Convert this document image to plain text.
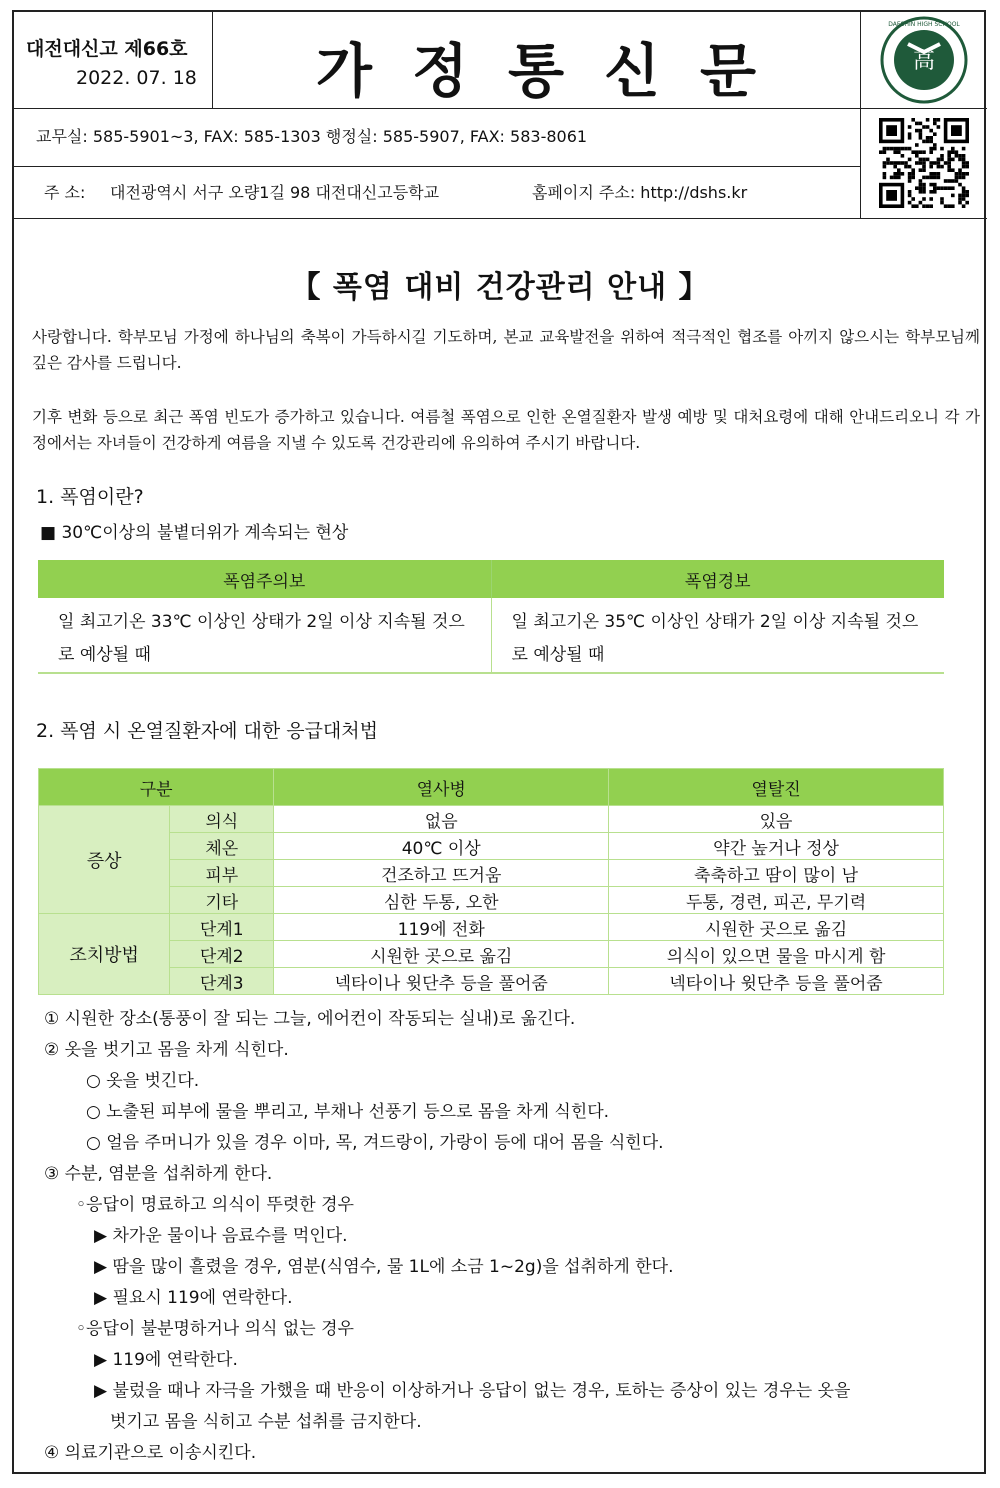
대전대신고 제66호
2022. 07. 18	가정통신문	高
DAESHIN HIGH SCHOOL
교무실: 585-5901~3, FAX: 585-1303 행정실: 585-5907, FAX: 583-8061
주 소: 대전광역시 서구 오량1길 98 대전대신고등학교	홈페이지 주소: http://dshs.kr
【 폭염 대비 건강관리 안내 】
사랑합니다. 학부모님 가정에 하나님의 축복이 가득하시길 기도하며, 본교 교육발전을 위하여 적극적인 협조를 아끼지 않으시는 학부모님께 깊은 감사를 드립니다.
기후 변화 등으로 최근 폭염 빈도가 증가하고 있습니다. 여름철 폭염으로 인한 온열질환자 발생 예방 및 대처요령에 대해 안내드리오니 각 가정에서는 자녀들이 건강하게 여름을 지낼 수 있도록 건강관리에 유의하여 주시기 바랍니다.
1. 폭염이란?
■ 30℃이상의 불볕더위가 계속되는 현상
폭염주의보	폭염경보
일 최고기온 33℃ 이상인 상태가 2일 이상 지속될 것으로 예상될 때	일 최고기온 35℃ 이상인 상태가 2일 이상 지속될 것으로 예상될 때
2. 폭염 시 온열질환자에 대한 응급대처법
구분		열사병	열탈진
증상	의식	없음	있음
	체온	40℃ 이상	약간 높거나 정상
	피부	건조하고 뜨거움	축축하고 땀이 많이 남
	기타	심한 두통, 오한	두통, 경련, 피곤, 무기력
조치방법	단계1	119에 전화	시원한 곳으로 옮김
	단계2	시원한 곳으로 옮김	의식이 있으면 물을 마시게 함
	단계3	넥타이나 윗단추 등을 풀어줌	넥타이나 윗단추 등을 풀어줌
① 시원한 장소(통풍이 잘 되는 그늘, 에어컨이 작동되는 실내)로 옮긴다.
② 옷을 벗기고 몸을 차게 식힌다.
○ 옷을 벗긴다.
○ 노출된 피부에 물을 뿌리고, 부채나 선풍기 등으로 몸을 차게 식힌다.
○ 얼음 주머니가 있을 경우 이마, 목, 겨드랑이, 가랑이 등에 대어 몸을 식힌다.
③ 수분, 염분을 섭취하게 한다.
◦응답이 명료하고 의식이 뚜렷한 경우
▶ 차가운 물이나 음료수를 먹인다.
▶ 땀을 많이 흘렸을 경우, 염분(식염수, 물 1L에 소금 1~2g)을 섭취하게 한다.
▶ 필요시 119에 연락한다.
◦응답이 불분명하거나 의식 없는 경우
▶ 119에 연락한다.
▶ 불렀을 때나 자극을 가했을 때 반응이 이상하거나 응답이 없는 경우, 토하는 증상이 있는 경우는 옷을
벗기고 몸을 식히고 수분 섭취를 금지한다.
④ 의료기관으로 이송시킨다.
